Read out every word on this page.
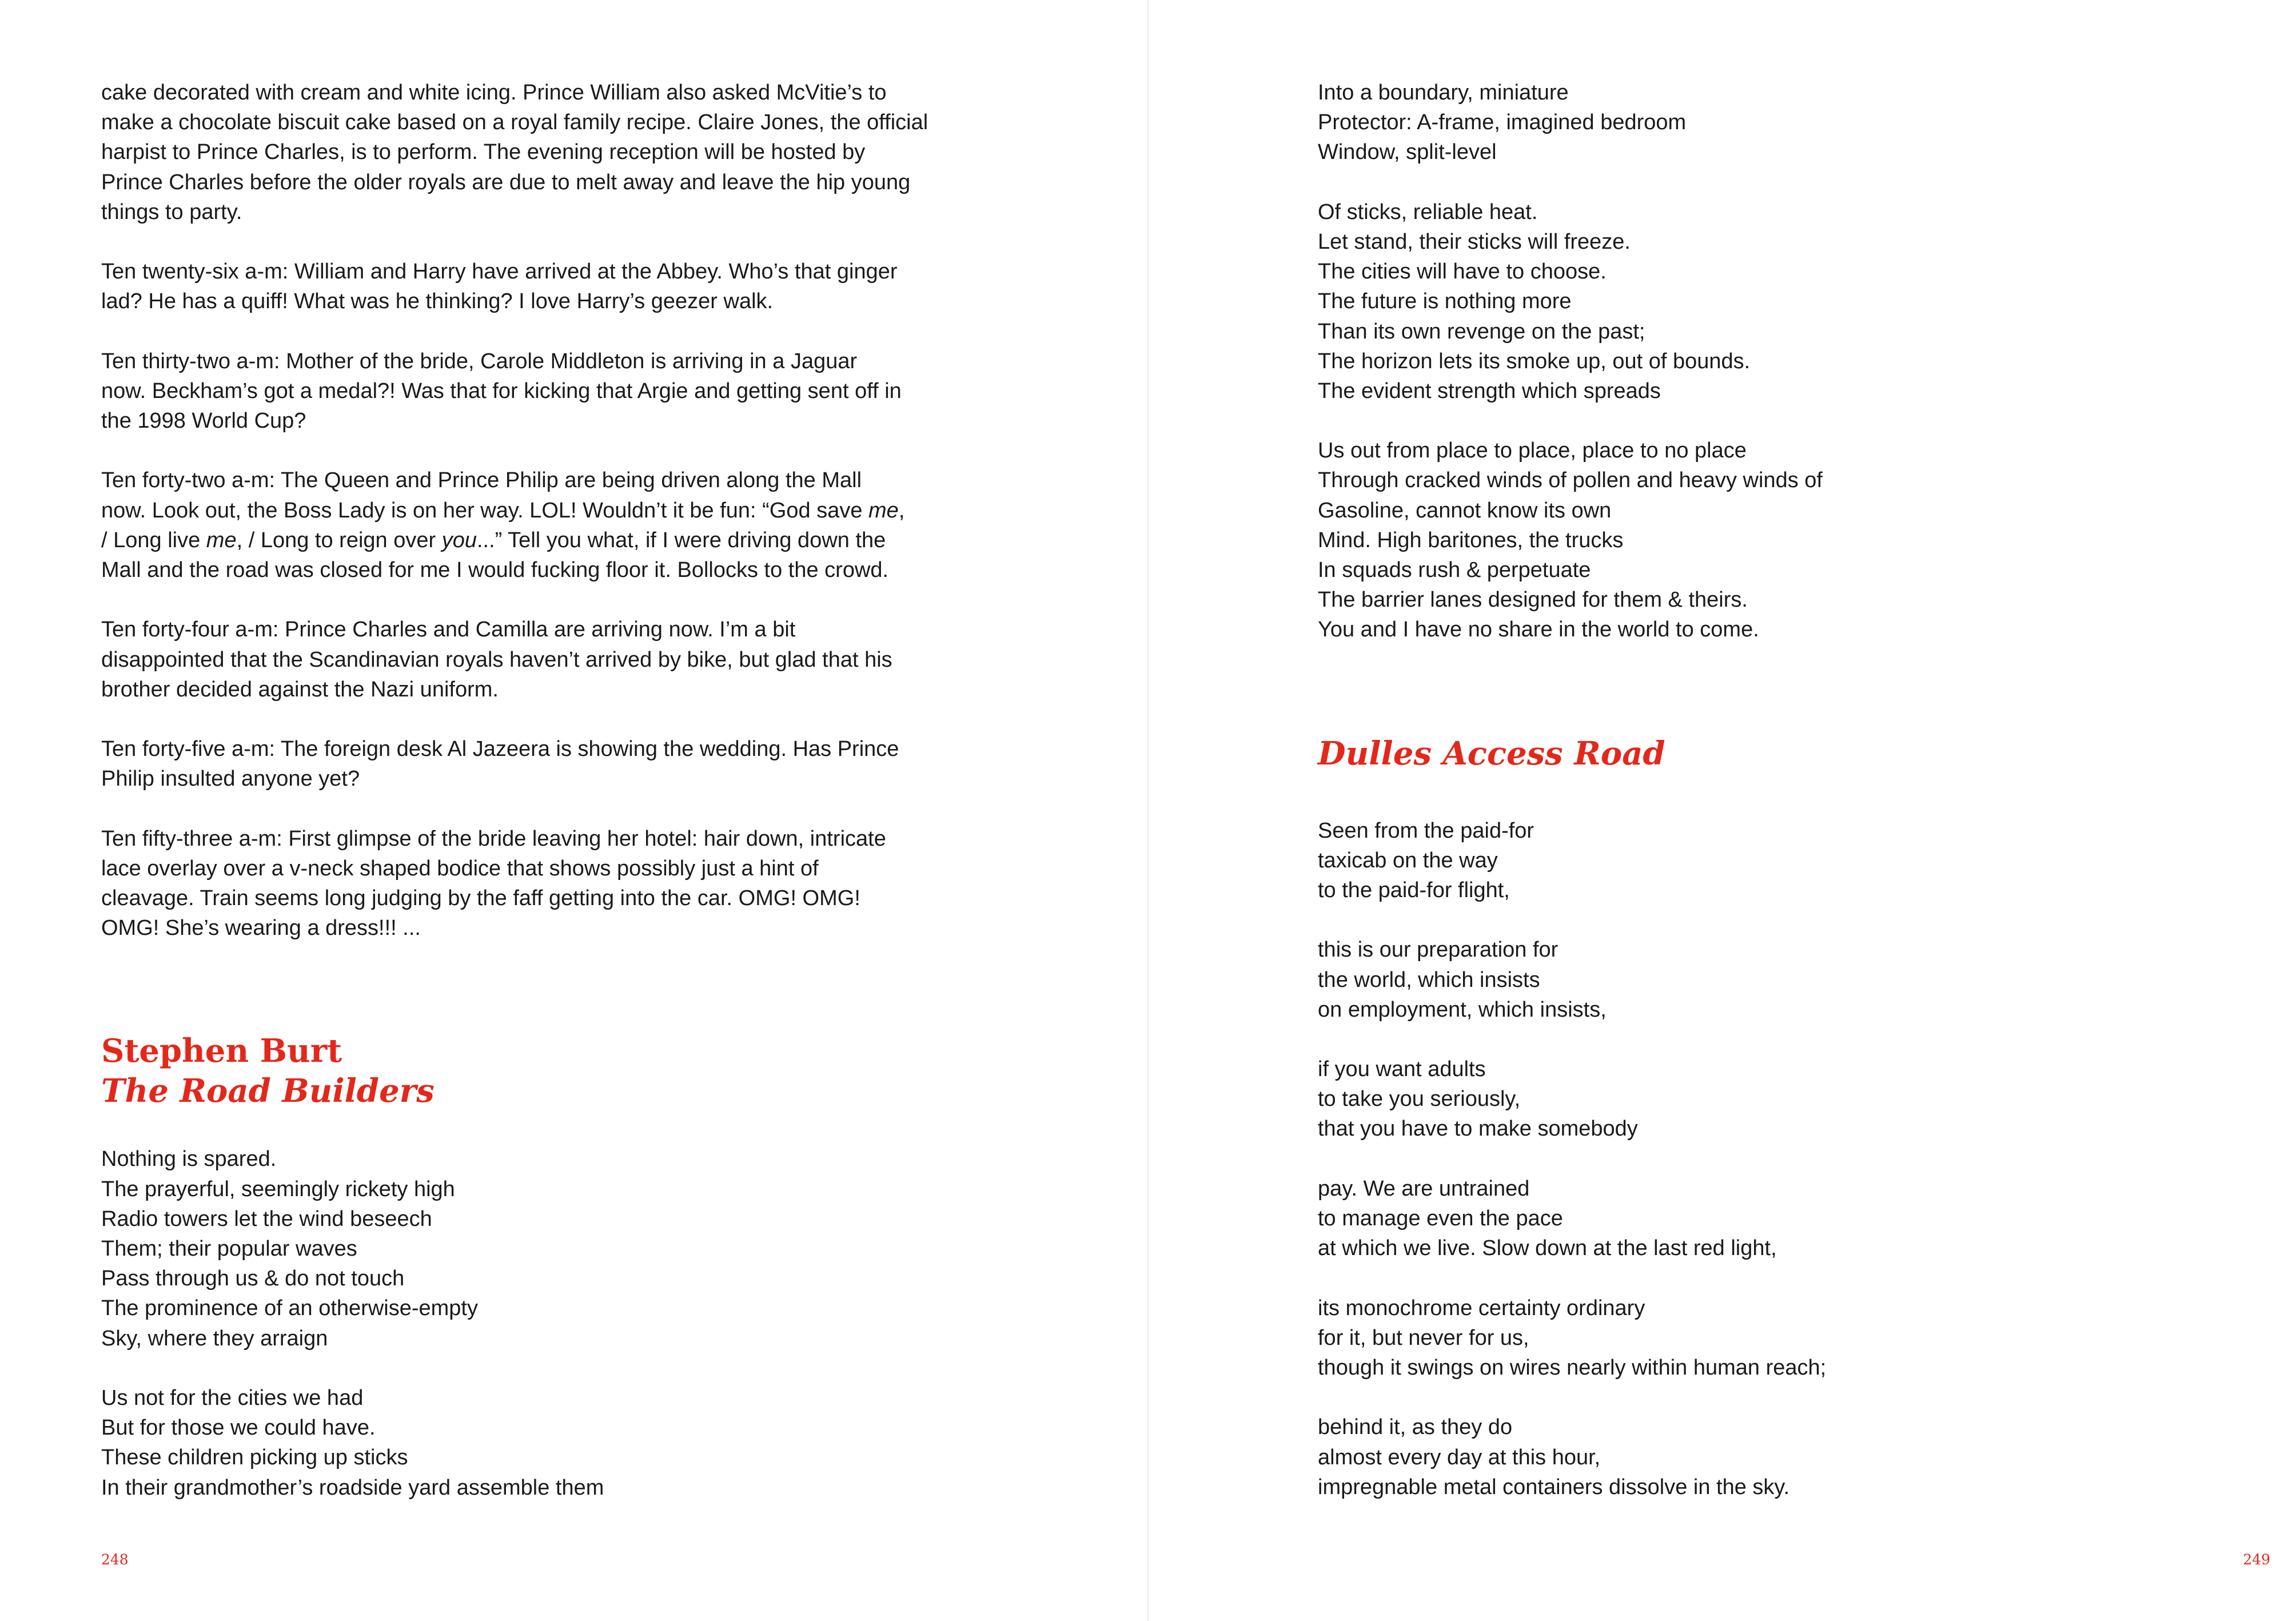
cake decorated with cream and white icing. Prince William also asked McVitie’s to
make a chocolate biscuit cake based on a royal family recipe. Claire Jones, the official
harpist to Prince Charles, is to perform. The evening reception will be hosted by
Prince Charles before the older royals are due to melt away and leave the hip young
things to party.

Ten twenty-six a-m: William and Harry have arrived at the Abbey. Who’s that ginger
lad? He has a quiff! What was he thinking? I love Harry’s geezer walk.

Ten thirty-two a-m: Mother of the bride, Carole Middleton is arriving in a Jaguar
now. Beckham’s got a medal?! Was that for kicking that Argie and getting sent off in
the 1998 World Cup?

Ten forty-two a-m: The Queen and Prince Philip are being driven along the Mall
now. Look out, the Boss Lady is on her way. LOL! Wouldn’t it be fun: “God save me,
/ Long live me, / Long to reign over you...” Tell you what, if I were driving down the
Mall and the road was closed for me I would fucking floor it. Bollocks to the crowd.

Ten forty-four a-m: Prince Charles and Camilla are arriving now. I’m a bit
disappointed that the Scandinavian royals haven’t arrived by bike, but glad that his
brother decided against the Nazi uniform.

Ten forty-five a-m: The foreign desk Al Jazeera is showing the wedding. Has Prince
Philip insulted anyone yet?

Ten fifty-three a-m: First glimpse of the bride leaving her hotel: hair down, intricate
lace overlay over a v-neck shaped bodice that shows possibly just a hint of
cleavage. Train seems long judging by the faff getting into the car. OMG! OMG!
OMG! She’s wearing a dress!!! ...

Stephen Burt
The Road Builders

Nothing is spared.
The prayerful, seemingly rickety high
Radio towers let the wind beseech
Them; their popular waves
Pass through us & do not touch
The prominence of an otherwise-empty
Sky, where they arraign

Us not for the cities we had
But for those we could have.
These children picking up sticks
In their grandmother’s roadside yard assemble them

248

Into a boundary, miniature
Protector: A-frame, imagined bedroom
Window, split-level

Of sticks, reliable heat.
Let stand, their sticks will freeze.
The cities will have to choose.
The future is nothing more
Than its own revenge on the past;
The horizon lets its smoke up, out of bounds.
The evident strength which spreads

Us out from place to place, place to no place
Through cracked winds of pollen and heavy winds of
Gasoline, cannot know its own
Mind. High baritones, the trucks
In squads rush & perpetuate
The barrier lanes designed for them & theirs.
You and I have no share in the world to come.

Dulles Access Road

Seen from the paid-for
taxicab on the way
to the paid-for flight,

this is our preparation for
the world, which insists
on employment, which insists,

if you want adults
to take you seriously,
that you have to make somebody

pay. We are untrained
to manage even the pace
at which we live. Slow down at the last red light,

its monochrome certainty ordinary
for it, but never for us,
though it swings on wires nearly within human reach;

behind it, as they do
almost every day at this hour,
impregnable metal containers dissolve in the sky.

249
